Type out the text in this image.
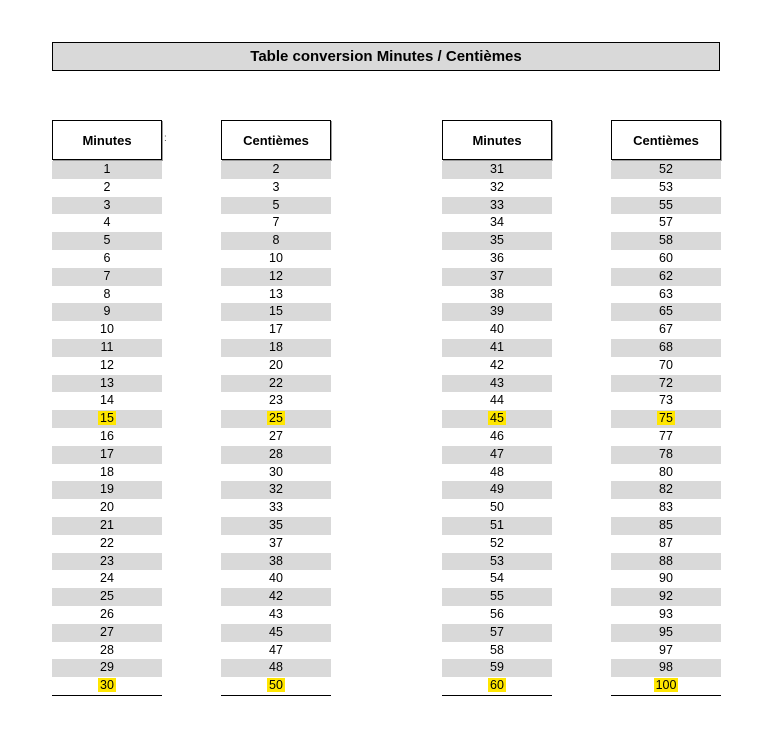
Table conversion Minutes / Centièmes
:
Minutes
1
2
3
4
5
6
7
8
9
10
11
12
13
14
15
16
17
18
19
20
21
22
23
24
25
26
27
28
29
30
Centièmes
2
3
5
7
8
10
12
13
15
17
18
20
22
23
25
27
28
30
32
33
35
37
38
40
42
43
45
47
48
50
Minutes
31
32
33
34
35
36
37
38
39
40
41
42
43
44
45
46
47
48
49
50
51
52
53
54
55
56
57
58
59
60
Centièmes
52
53
55
57
58
60
62
63
65
67
68
70
72
73
75
77
78
80
82
83
85
87
88
90
92
93
95
97
98
100
